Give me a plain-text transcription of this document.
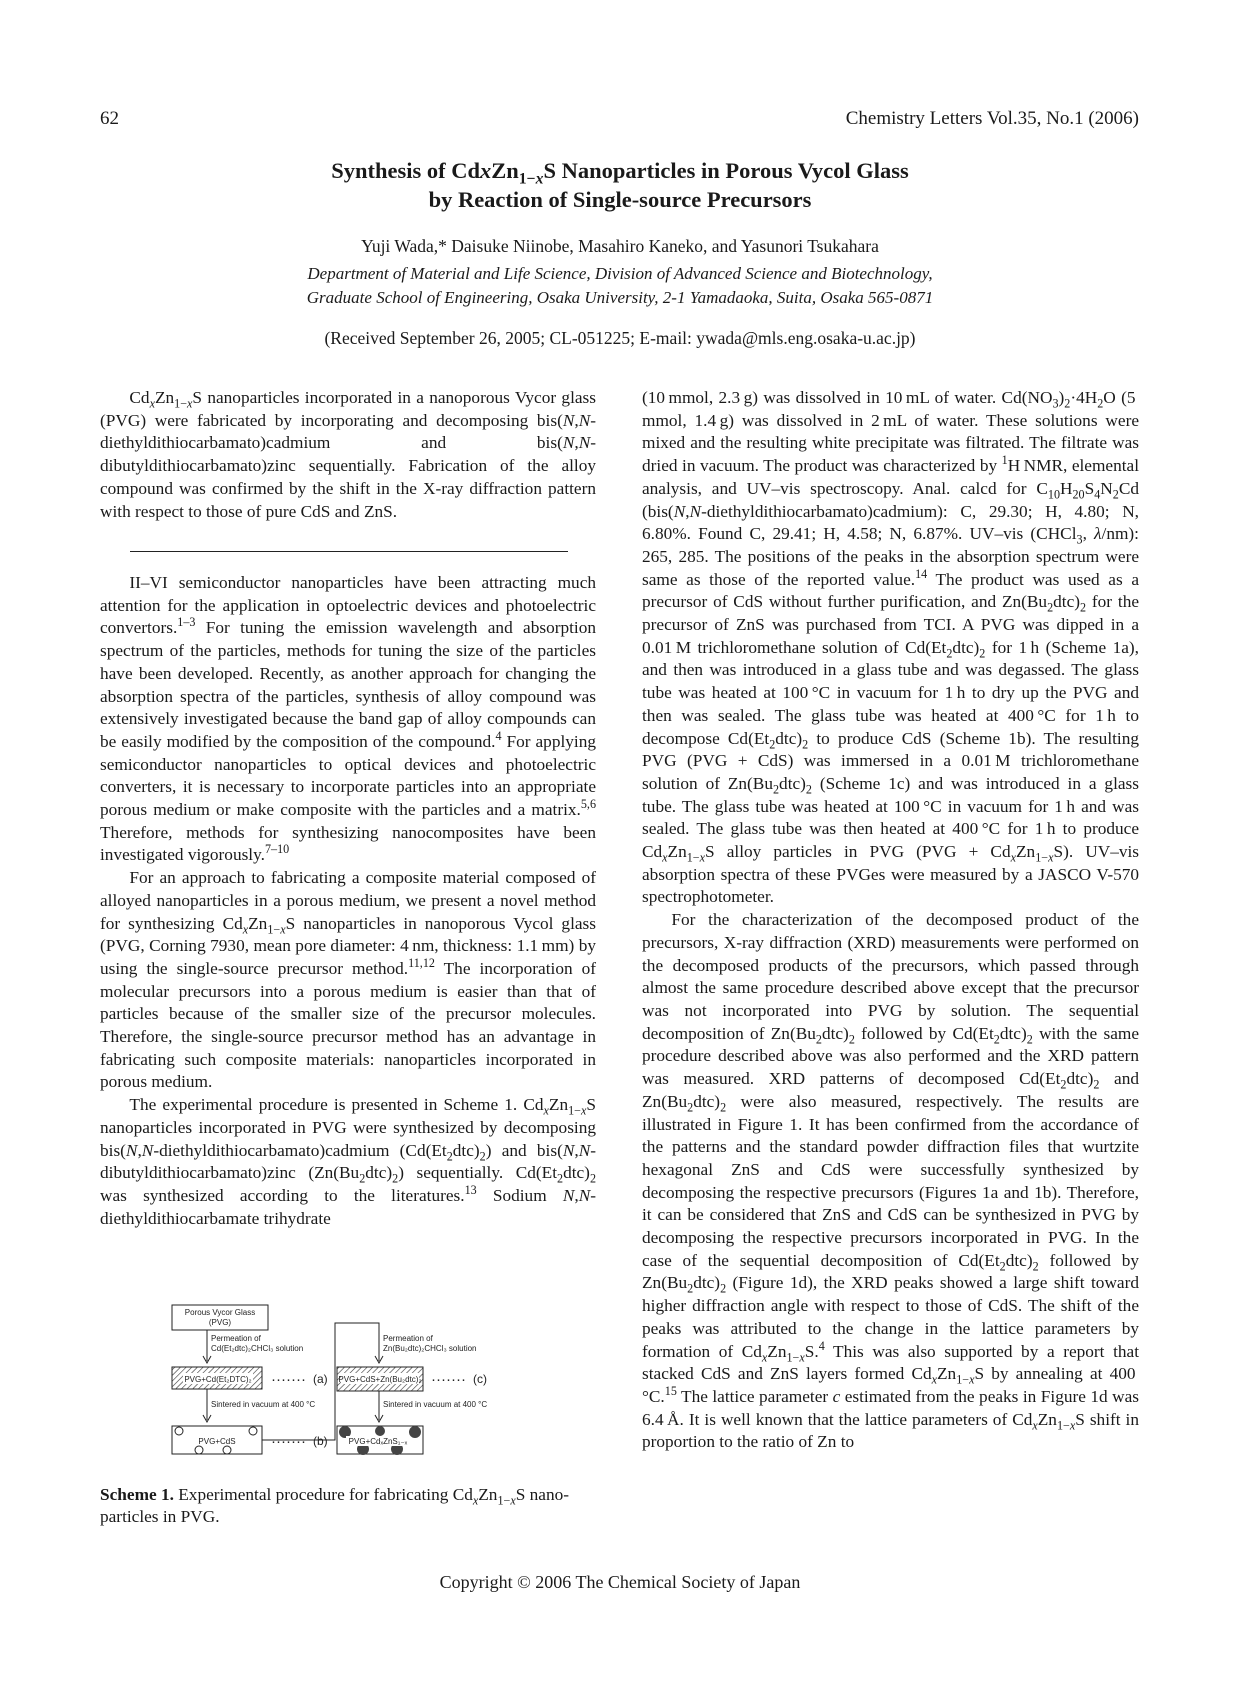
62	Chemistry Letters Vol.35, No.1 (2006)
Synthesis of CdxZn$_{1-x}$S Nanoparticles in Porous Vycol Glass
by Reaction of Single-source Precursors
Yuji Wada,* Daisuke Niinobe, Masahiro Kaneko, and Yasunori Tsukahara
Department of Material and Life Science, Division of Advanced Science and Biotechnology,
Graduate School of Engineering, Osaka University, 2-1 Yamadaoka, Suita, Osaka 565-0871
(Received September 26, 2005; CL-051225; E-mail: ywada@mls.eng.osaka-u.ac.jp)

$Cd_xZn_{1-x}S$ nanoparticles incorporated in a nanoporous Vycor glass (PVG) were fabricated by incorporating and decomposing bis(N,N-diethyldithiocarbamato)cadmium and bis(N,N-dibutyldithiocarbamato)zinc sequentially. Fabrication of the alloy compound was confirmed by the shift in the X-ray diffraction pattern with respect to those of pure CdS and ZnS.

II–VI semiconductor nanoparticles have been attracting much attention for the application in optoelectric devices and photoelectric convertors.$^{1-3}$ For tuning the emission wavelength and absorption spectrum of the particles, methods for tuning the size of the particles have been developed. Recently, as another approach for changing the absorption spectra of the particles, synthesis of alloy compound was extensively investigated because the band gap of alloy compounds can be easily modified by the composition of the compound.$^4$ For applying semiconductor nanoparticles to optical devices and photoelectric converters, it is necessary to incorporate particles into an appropriate porous medium or make composite with the particles and a matrix.$^{5,6}$ Therefore, methods for synthesizing nanocomposites have been investigated vigorously.$^{7-10}$

For an approach to fabricating a composite material composed of alloyed nanoparticles in a porous medium, we present a novel method for synthesizing $Cd_xZn_{1-x}S$ nanoparticles in nanoporous Vycol glass (PVG, Corning 7930, mean pore diameter: 4 nm, thickness: 1.1 mm) by using the single-source precursor method.$^{11,12}$ The incorporation of molecular precursors into a porous medium is easier than that of particles because of the smaller size of the precursor molecules. Therefore, the single-source precursor method has an advantage in fabricating such composite materials: nanoparticles incorporated in porous medium.

The experimental procedure is presented in Scheme 1. $Cd_xZn_{1-x}S$ nanoparticles incorporated in PVG were synthesized by decomposing bis(N,N-diethyldithiocarbamato)cadmium $(Cd(Et_2dtc)_2)$ and bis(N,N-dibutyldithiocarbamato)zinc $(Zn(Bu_2dtc)_2)$ sequentially. $Cd(Et_2dtc)_2$ was synthesized according to the literatures.$^{13}$ Sodium N,N-diethyldithiocarbamate trihydrate

(10 mmol, 2.3 g) was dissolved in 10 mL of water. $Cd(NO_3)_2\cdot 4H_2O$ (5 mmol, 1.4 g) was dissolved in 2 mL of water. These solutions were mixed and the resulting white precipitate was filtrated. The filtrate was dried in vacuum. The product was characterized by $^1$H NMR, elemental analysis, and UV–vis spectroscopy. Anal. calcd for $C_{10}H_{20}S_4N_2Cd$ (bis(N,N-diethyldithiocarbamato)cadmium): C, 29.30; H, 4.80; N, 6.80%. Found C, 29.41; H, 4.58; N, 6.87%. UV–vis (CHCl$_3$, λ/nm): 265, 285. The positions of the peaks in the absorption spectrum were same as those of the reported value.$^{14}$ The product was used as a precursor of CdS without further purification, and $Zn(Bu_2dtc)_2$ for the precursor of ZnS was purchased from TCI. A PVG was dipped in a 0.01 M trichloromethane solution of $Cd(Et_2dtc)_2$ for 1 h (Scheme 1a), and then was introduced in a glass tube and was degassed. The glass tube was heated at 100 °C in vacuum for 1 h to dry up the PVG and then was sealed. The glass tube was heated at 400 °C for 1 h to decompose $Cd(Et_2dtc)_2$ to produce CdS (Scheme 1b). The resulting PVG (PVG + CdS) was immersed in a 0.01 M trichloromethane solution of $Zn(Bu_2dtc)_2$ (Scheme 1c) and was introduced in a glass tube. The glass tube was heated at 100 °C in vacuum for 1 h and was sealed. The glass tube was then heated at 400 °C for 1 h to produce $Cd_xZn_{1-x}S$ alloy particles in PVG $(PVG + Cd_xZn_{1-x}S)$. UV–vis absorption spectra of these PVGes were measured by a JASCO V-570 spectrophotometer.

For the characterization of the decomposed product of the precursors, X-ray diffraction (XRD) measurements were performed on the decomposed products of the precursors, which passed through almost the same procedure described above except that the precursor was not incorporated into PVG by solution. The sequential decomposition of $Zn(Bu_2dtc)_2$ followed by $Cd(Et_2dtc)_2$ with the same procedure described above was also performed and the XRD pattern was measured. XRD patterns of decomposed $Cd(Et_2dtc)_2$ and $Zn(Bu_2dtc)_2$ were also measured, respectively. The results are illustrated in Figure 1. It has been confirmed from the accordance of the patterns and the standard powder diffraction files that wurtzite hexagonal ZnS and CdS were successfully synthesized by decomposing the respective precursors (Figures 1a and 1b). Therefore, it can be considered that ZnS and CdS can be synthesized in PVG by decomposing the respective precursors incorporated in PVG. In the case of the sequential decomposition of $Cd(Et_2dtc)_2$ followed by $Zn(Bu_2dtc)_2$ (Figure 1d), the XRD peaks showed a large shift toward higher diffraction angle with respect to those of CdS. The shift of the peaks was attributed to the change in the lattice parameters by formation of $Cd_xZn_{1-x}S.^4$ This was also supported by a report that stacked CdS and ZnS layers formed $Cd_xZn_{1-x}S$ by annealing at 400 °C.$^{15}$ The lattice parameter c estimated from the peaks in Figure 1d was 6.4 Å. It is well known that the lattice parameters of $Cd_xZn_{1-x}S$ shift in proportion to the ratio of Zn to

Porous Vycor Glass
(PVG)
Permeation of
Cd(Et₂dtc)₂CHCl₃ solution
PVG+Cd(Et₂DTC)₂ ······· (a)
Sintered in vacuum at 400 °C
PVG+CdS ······· (b)
Permeation of
Zn(Bu₂dtc)₂CHCl₃ solution
PVG+CdS+Zn(Bu₂dtc)₂ ······· (c)
Sintered in vacuum at 400 °C
PVG+CdₓZnS₁₋ₓ
Scheme 1. Experimental procedure for fabricating $Cd_xZn_{1-x}S$ nano-particles in PVG.
Copyright © 2006 The Chemical Society of Japan
